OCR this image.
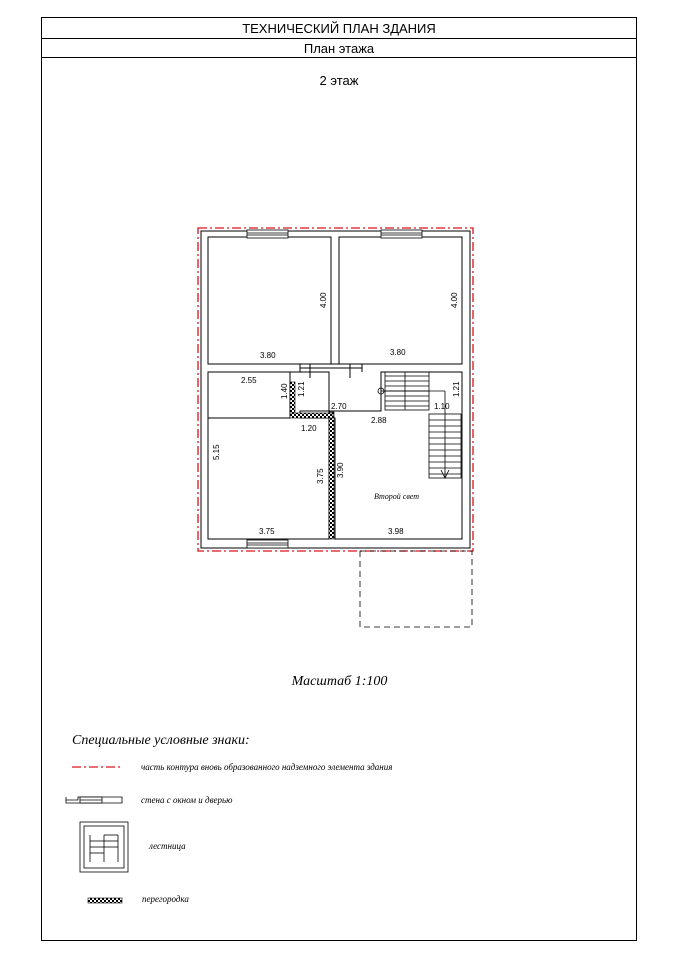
ТЕХНИЧЕСКИЙ ПЛАН ЗДАНИЯ
План этажа
2 этаж
3.80	3.80
2.55
2.70
2.88
1.20
1.10
3.75	3.98
4.00	4.00
1.40 1.21	1.21
5.15
3.75 3.90
Второй свет
Масштаб 1:100
Специальные условные знаки:
часть контура вновь образованного надземного элемента здания
стена с окном и дверью
лестница
перегородка
